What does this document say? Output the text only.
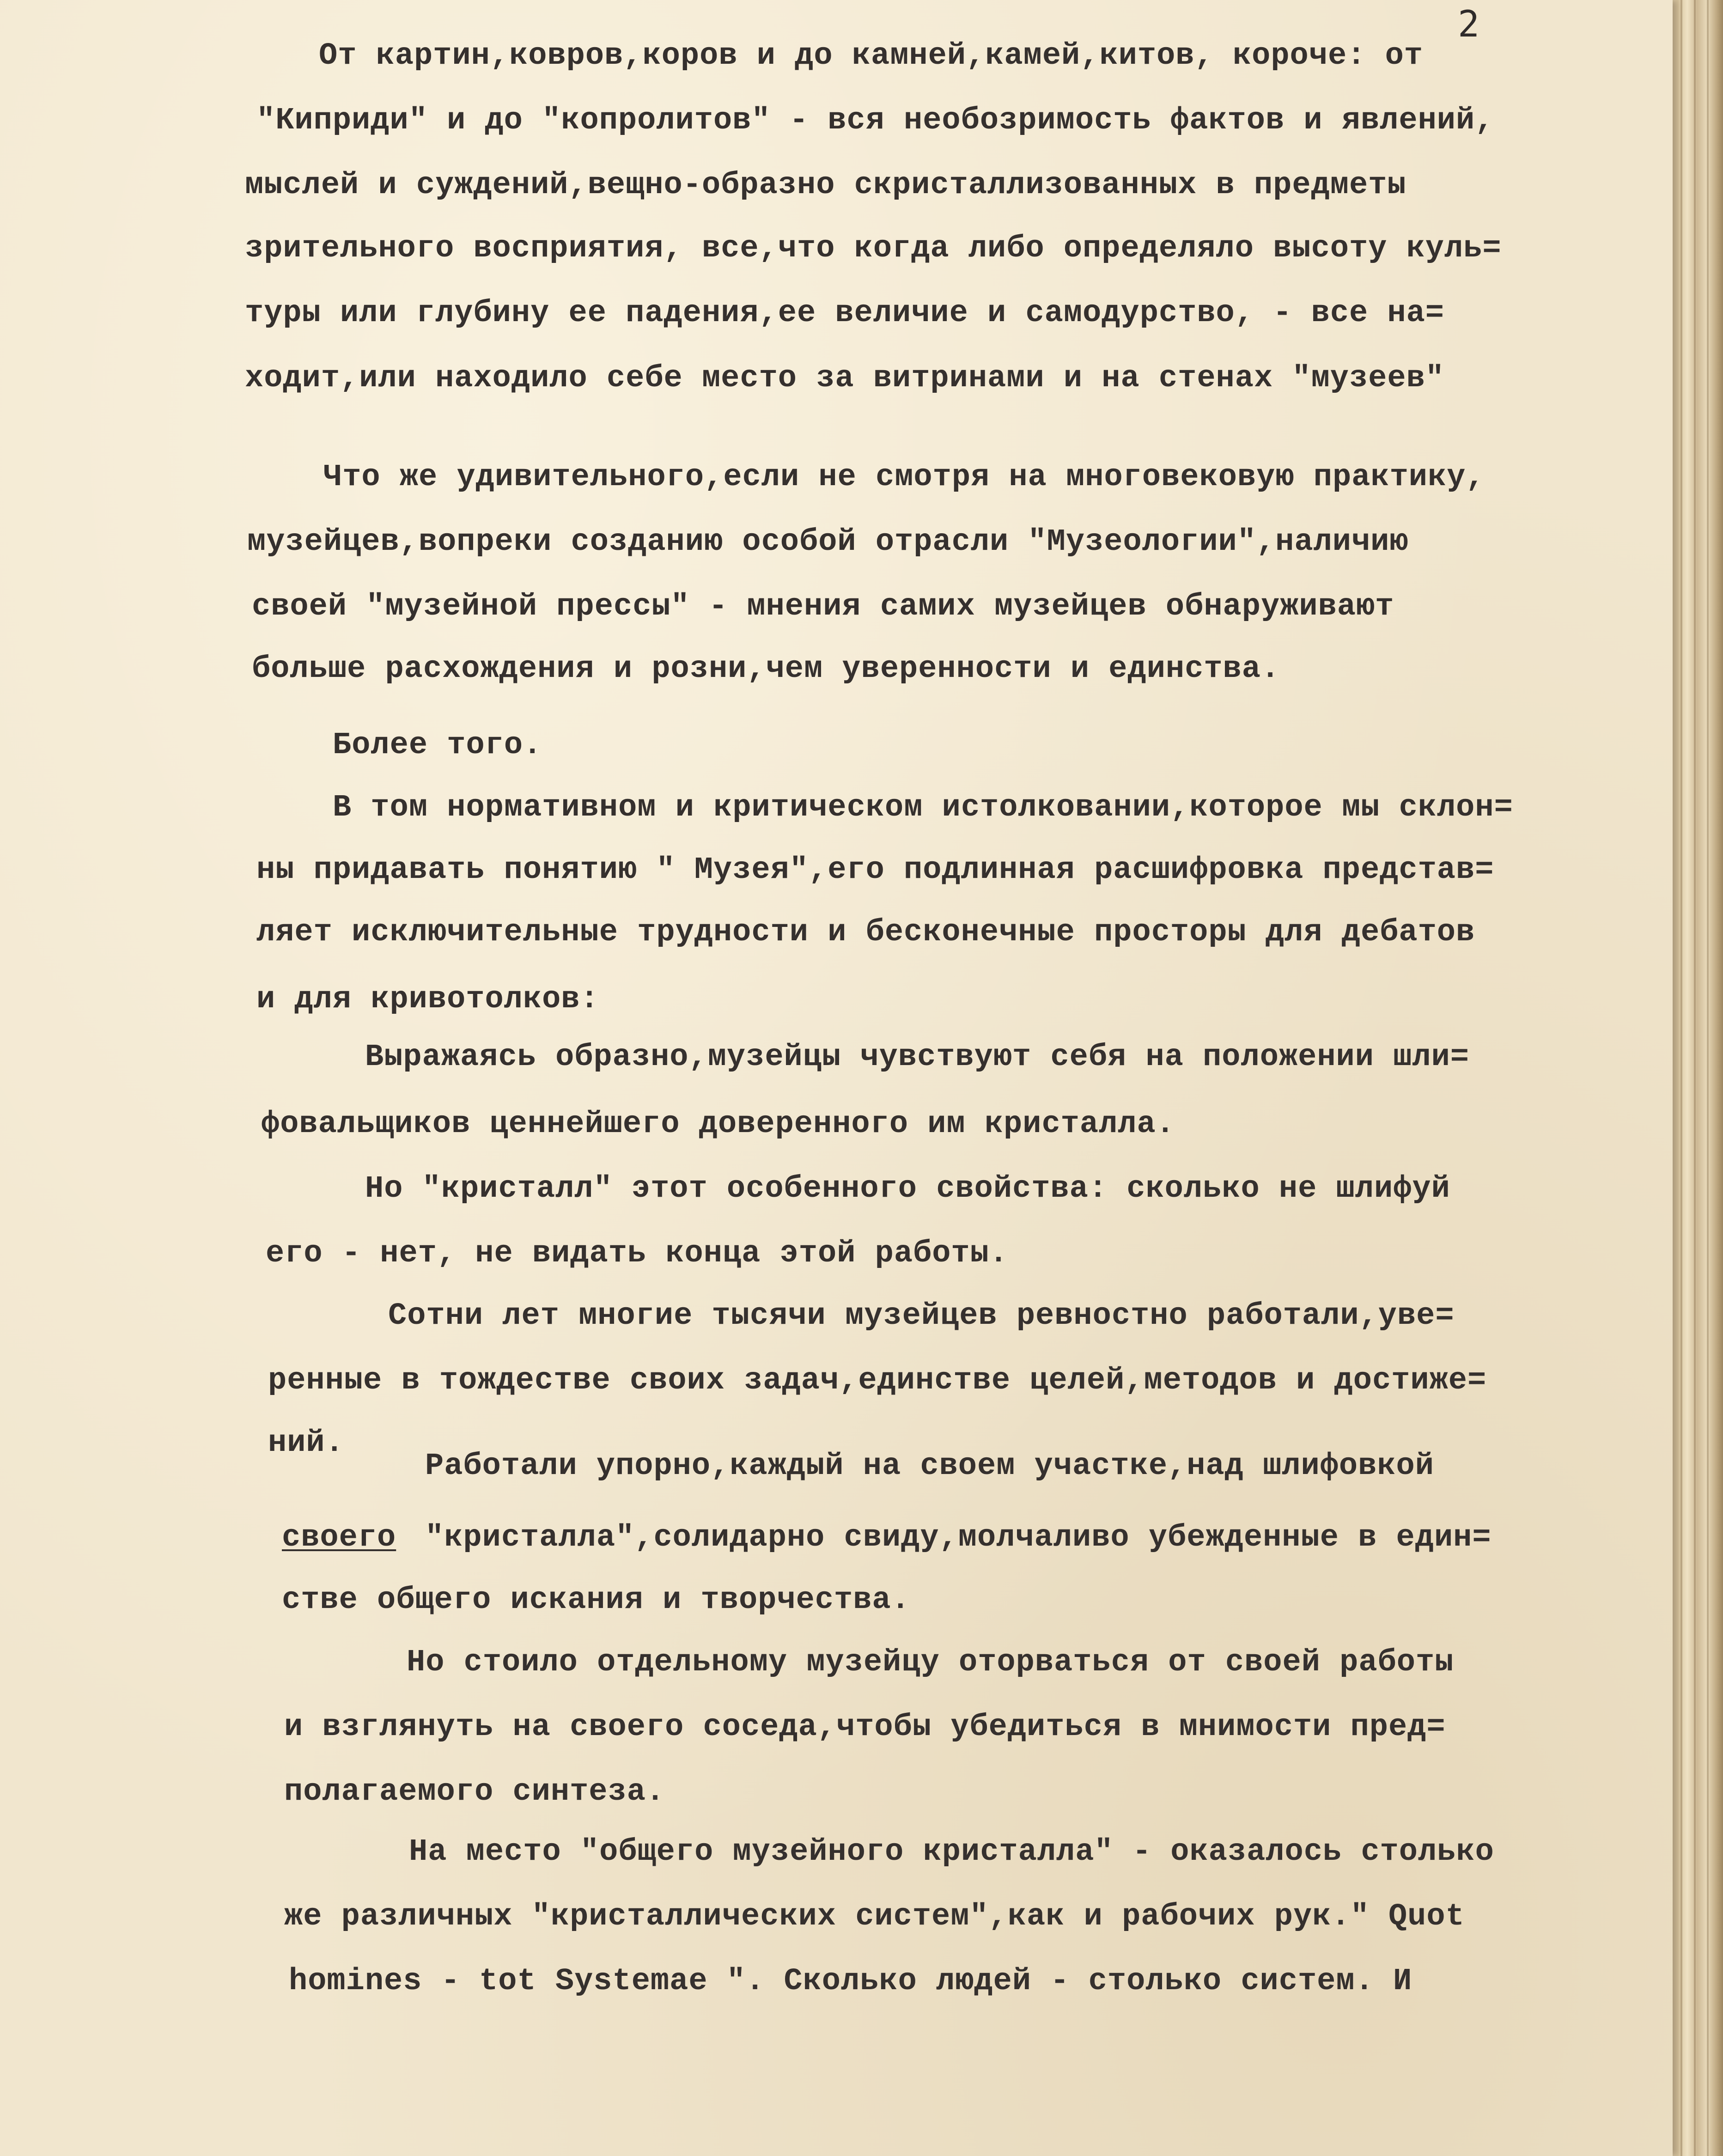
2
От картин,ковров,коров и до камней,камей,китов, короче: от
"Киприди" и до "копролитов" - вся необозримость фактов и явлений,
мыслей и суждений,вещно-образно скристаллизованных в предметы
зрительного восприятия, все,что когда либо определяло высоту куль=
туры или глубину ее падения,ее величие и самодурство, - все на=
ходит,или находило себе место за витринами и на стенах "музеев"
Что же удивительного,если не смотря на многовековую практику,
музейцев,вопреки созданию особой отрасли "Музеологии",наличию
своей "музейной прессы" - мнения самих музейцев обнаруживают
больше расхождения и розни,чем уверенности и единства.
Более того.
В том нормативном и критическом истолковании,которое мы склон=
ны придавать понятию " Музея",его подлинная расшифровка представ=
ляет исключительные трудности и бесконечные просторы для дебатов
и для кривотолков:
Выражаясь образно,музейцы чувствуют себя на положении шли=
фовальщиков ценнейшего доверенного им кристалла.
Но "кристалл" этот особенного свойства: сколько не шлифуй
его - нет, не видать конца этой работы.
Сотни лет многие тысячи музейцев ревностно работали,уве=
ренные в тождестве своих задач,единстве целей,методов и достиже=
ний.
Работали упорно,каждый на своем участке,над шлифовкой
своего "кристалла",солидарно свиду,молчаливо убежденные в един=
стве общего искания и творчества.
Но стоило отдельному музейцу оторваться от своей работы
и взглянуть на своего соседа,чтобы убедиться в мнимости пред=
полагаемого синтеза.
На место "общего музейного кристалла" - оказалось столько
же различных "кристаллических систем",как и рабочих рук." Quot
homines - tot Systemae ". Сколько людей - столько систем. И
